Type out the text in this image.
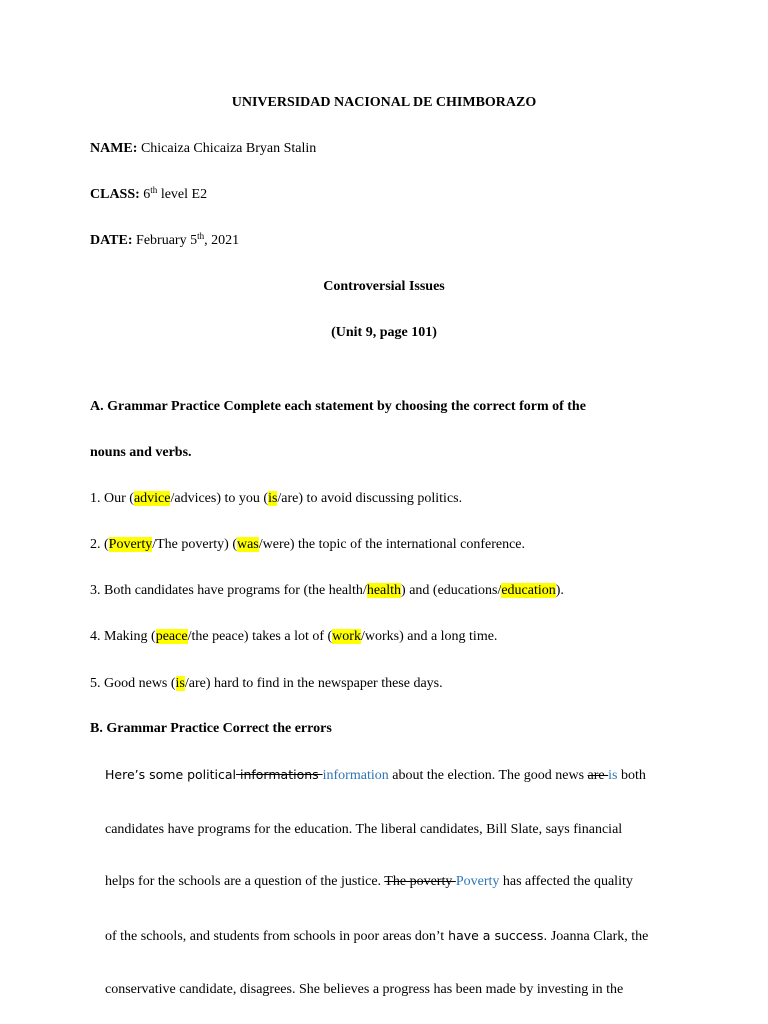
UNIVERSIDAD NACIONAL DE CHIMBORAZO
NAME: Chicaiza Chicaiza Bryan Stalin
CLASS: 6th level E2
DATE: February 5th, 2021
Controversial Issues
(Unit 9, page 101)
A. Grammar Practice Complete each statement by choosing the correct form of the
nouns and verbs.
1. Our (advice/advices) to you (is/are) to avoid discussing politics.
2. (Poverty/The poverty) (was/were) the topic of the international conference.
3. Both candidates have programs for (the health/health) and (educations/education).
4. Making (peace/the peace) takes a lot of (work/works) and a long time.
5. Good news (is/are) hard to find in the newspaper these days.
B. Grammar Practice Correct the errors
Here’s some political informations information about the election. The good news are is both
candidates have programs for the education. The liberal candidates, Bill Slate, says financial
helps for the schools are a question of the justice. The poverty Poverty has affected the quality
of the schools, and students from schools in poor areas don’t have a success. Joanna Clark, the
conservative candidate, disagrees. She believes a progress has been made by investing in the
